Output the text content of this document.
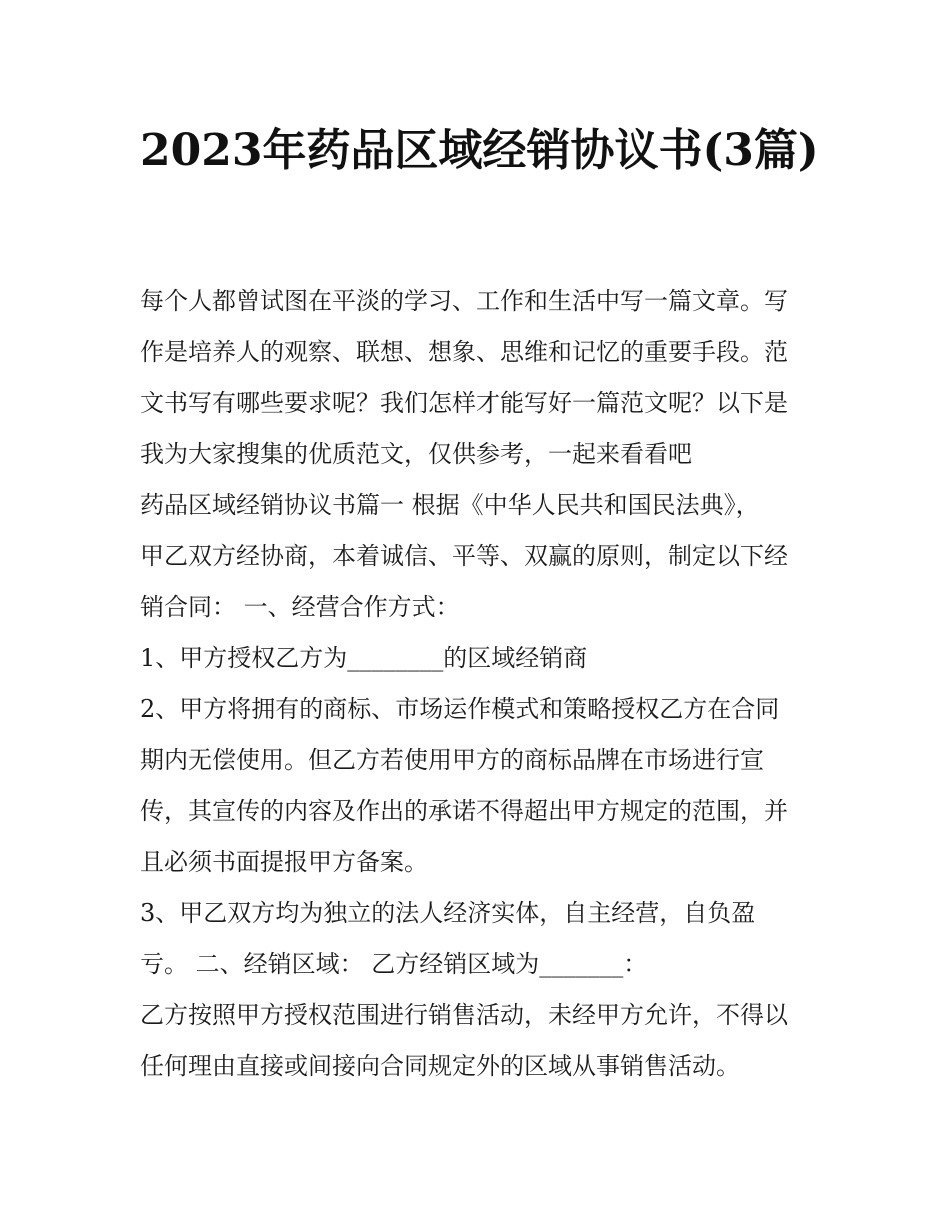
2023年药品区域经销协议书(3篇)

每个人都曾试图在平淡的学习、工作和生活中写一篇文章。写

作是培养人的观察、联想、想象、思维和记忆的重要手段。范

文书写有哪些要求呢？我们怎样才能写好一篇范文呢？以下是

我为大家搜集的优质范文，仅供参考，一起来看看吧

药品区域经销协议书篇一 根据《中华人民共和国民法典》，

甲乙双方经协商，本着诚信、平等、双赢的原则，制定以下经

销合同： 一、经营合作方式：

1、甲方授权乙方为________的区域经销商

2、甲方将拥有的商标、市场运作模式和策略授权乙方在合同

期内无偿使用。但乙方若使用甲方的商标品牌在市场进行宣

传，其宣传的内容及作出的承诺不得超出甲方规定的范围，并

且必须书面提报甲方备案。

3、甲乙双方均为独立的法人经济实体，自主经营，自负盈

亏。 二、经销区域： 乙方经销区域为_______：

乙方按照甲方授权范围进行销售活动，未经甲方允许，不得以

任何理由直接或间接向合同规定外的区域从事销售活动。
